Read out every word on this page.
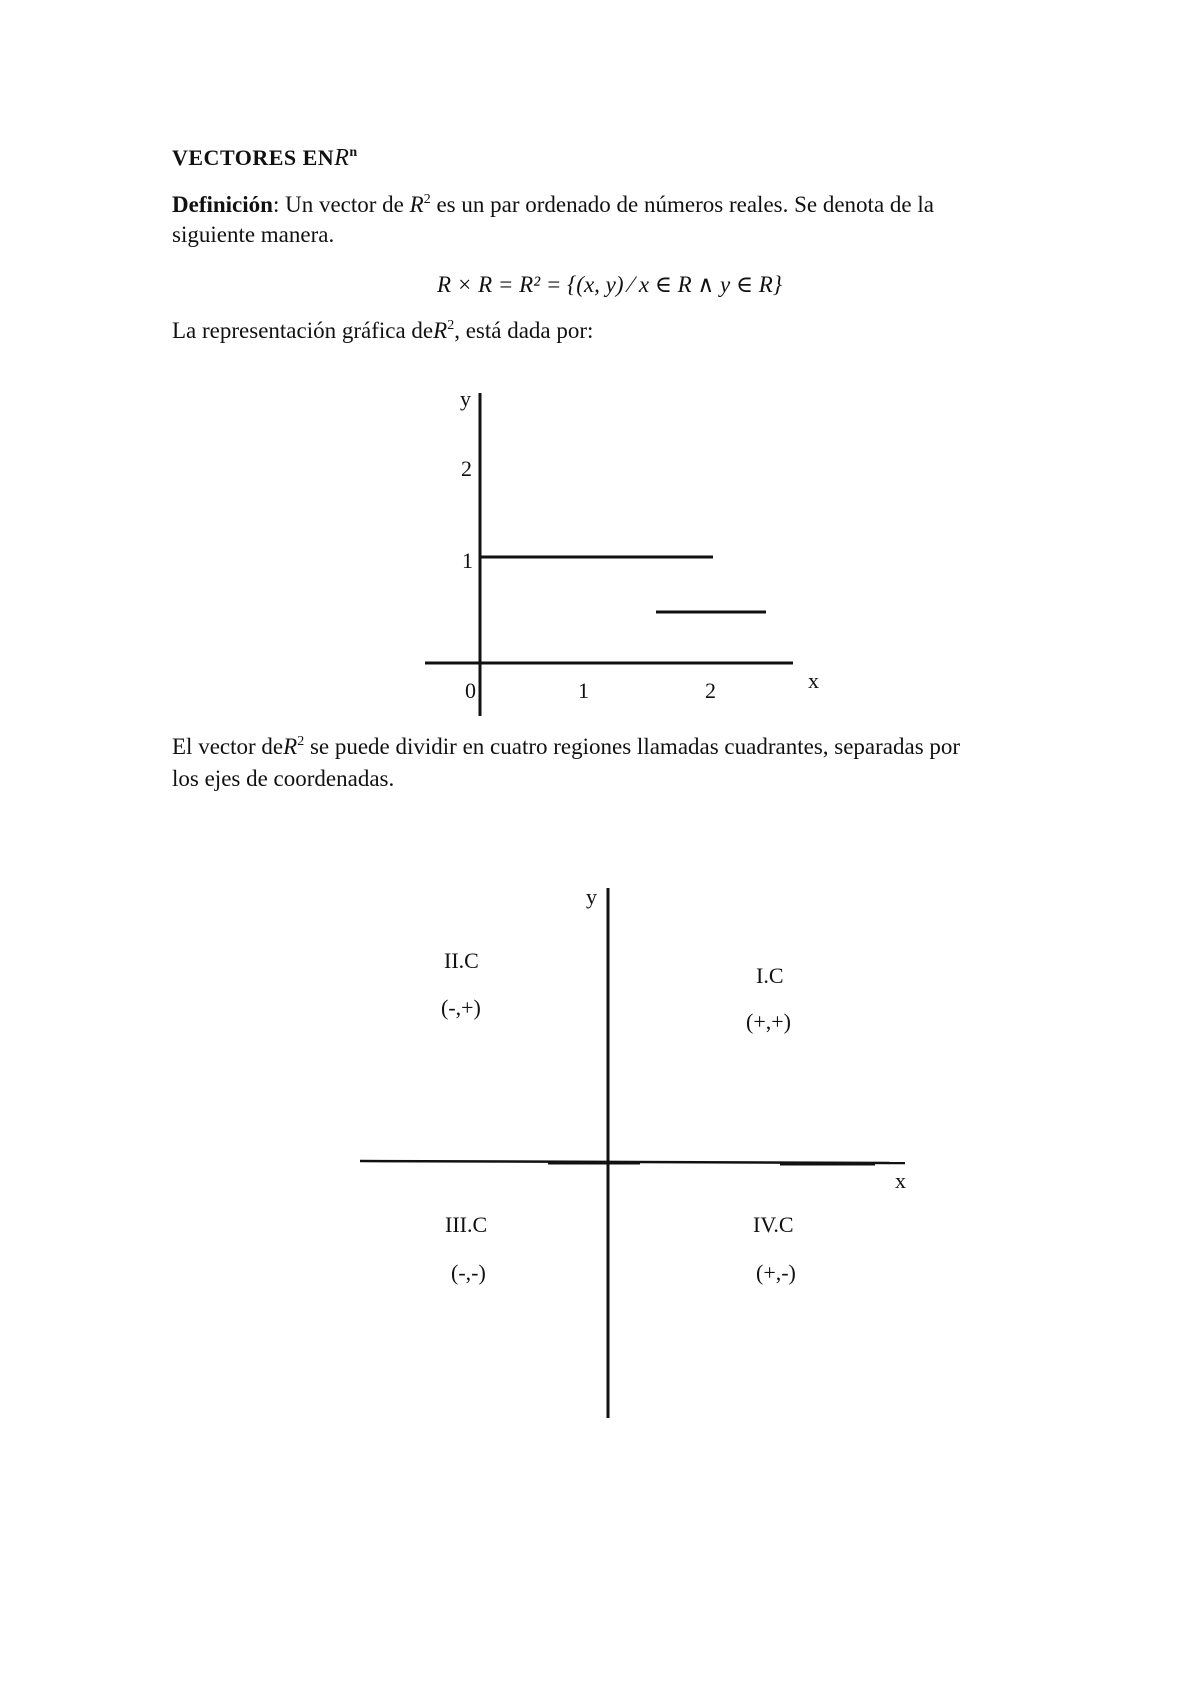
VECTORES ENR$^n$
Definición: Un vector de $R^2$ es un par ordenado de números reales. Se denota de la
siguiente manera.
R × R = R² = {(x, y) ⁄ x ∈ R ∧ y ∈ R}
La representación gráfica deR$^2$, está dada por:
y
x
2
1
0	1	2
El vector deR$^2$ se puede dividir en cuatro regiones llamadas cuadrantes, separadas por
los ejes de coordenadas.
y
x
I.C
(+,+)
II.C
(-,+)
III.C
(-,-)
IV.C
(+,-)
